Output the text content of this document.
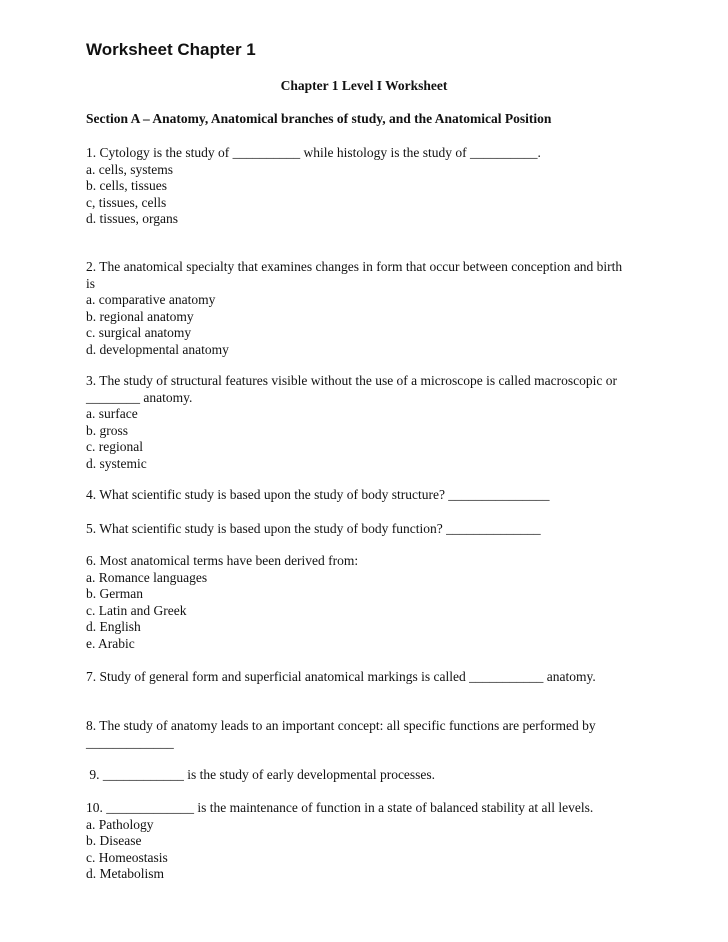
Worksheet Chapter 1
Chapter 1 Level I Worksheet
Section A – Anatomy, Anatomical branches of study, and the Anatomical Position
1. Cytology is the study of __________ while histology is the study of __________.
a. cells, systems
b. cells, tissues
c, tissues, cells
d. tissues, organs
2. The anatomical specialty that examines changes in form that occur between conception and birth
is
a. comparative anatomy
b. regional anatomy
c. surgical anatomy
d. developmental anatomy
3. The study of structural features visible without the use of a microscope is called macroscopic or
________ anatomy.
a. surface
b. gross
c. regional
d. systemic
4. What scientific study is based upon the study of body structure? _______________
5. What scientific study is based upon the study of body function? ______________
6. Most anatomical terms have been derived from:
a. Romance languages
b. German
c. Latin and Greek
d. English
e. Arabic
7. Study of general form and superficial anatomical markings is called ___________ anatomy.
8. The study of anatomy leads to an important concept: all specific functions are performed by
_____________
9. ____________ is the study of early developmental processes.
10. _____________ is the maintenance of function in a state of balanced stability at all levels.
a. Pathology
b. Disease
c. Homeostasis
d. Metabolism
